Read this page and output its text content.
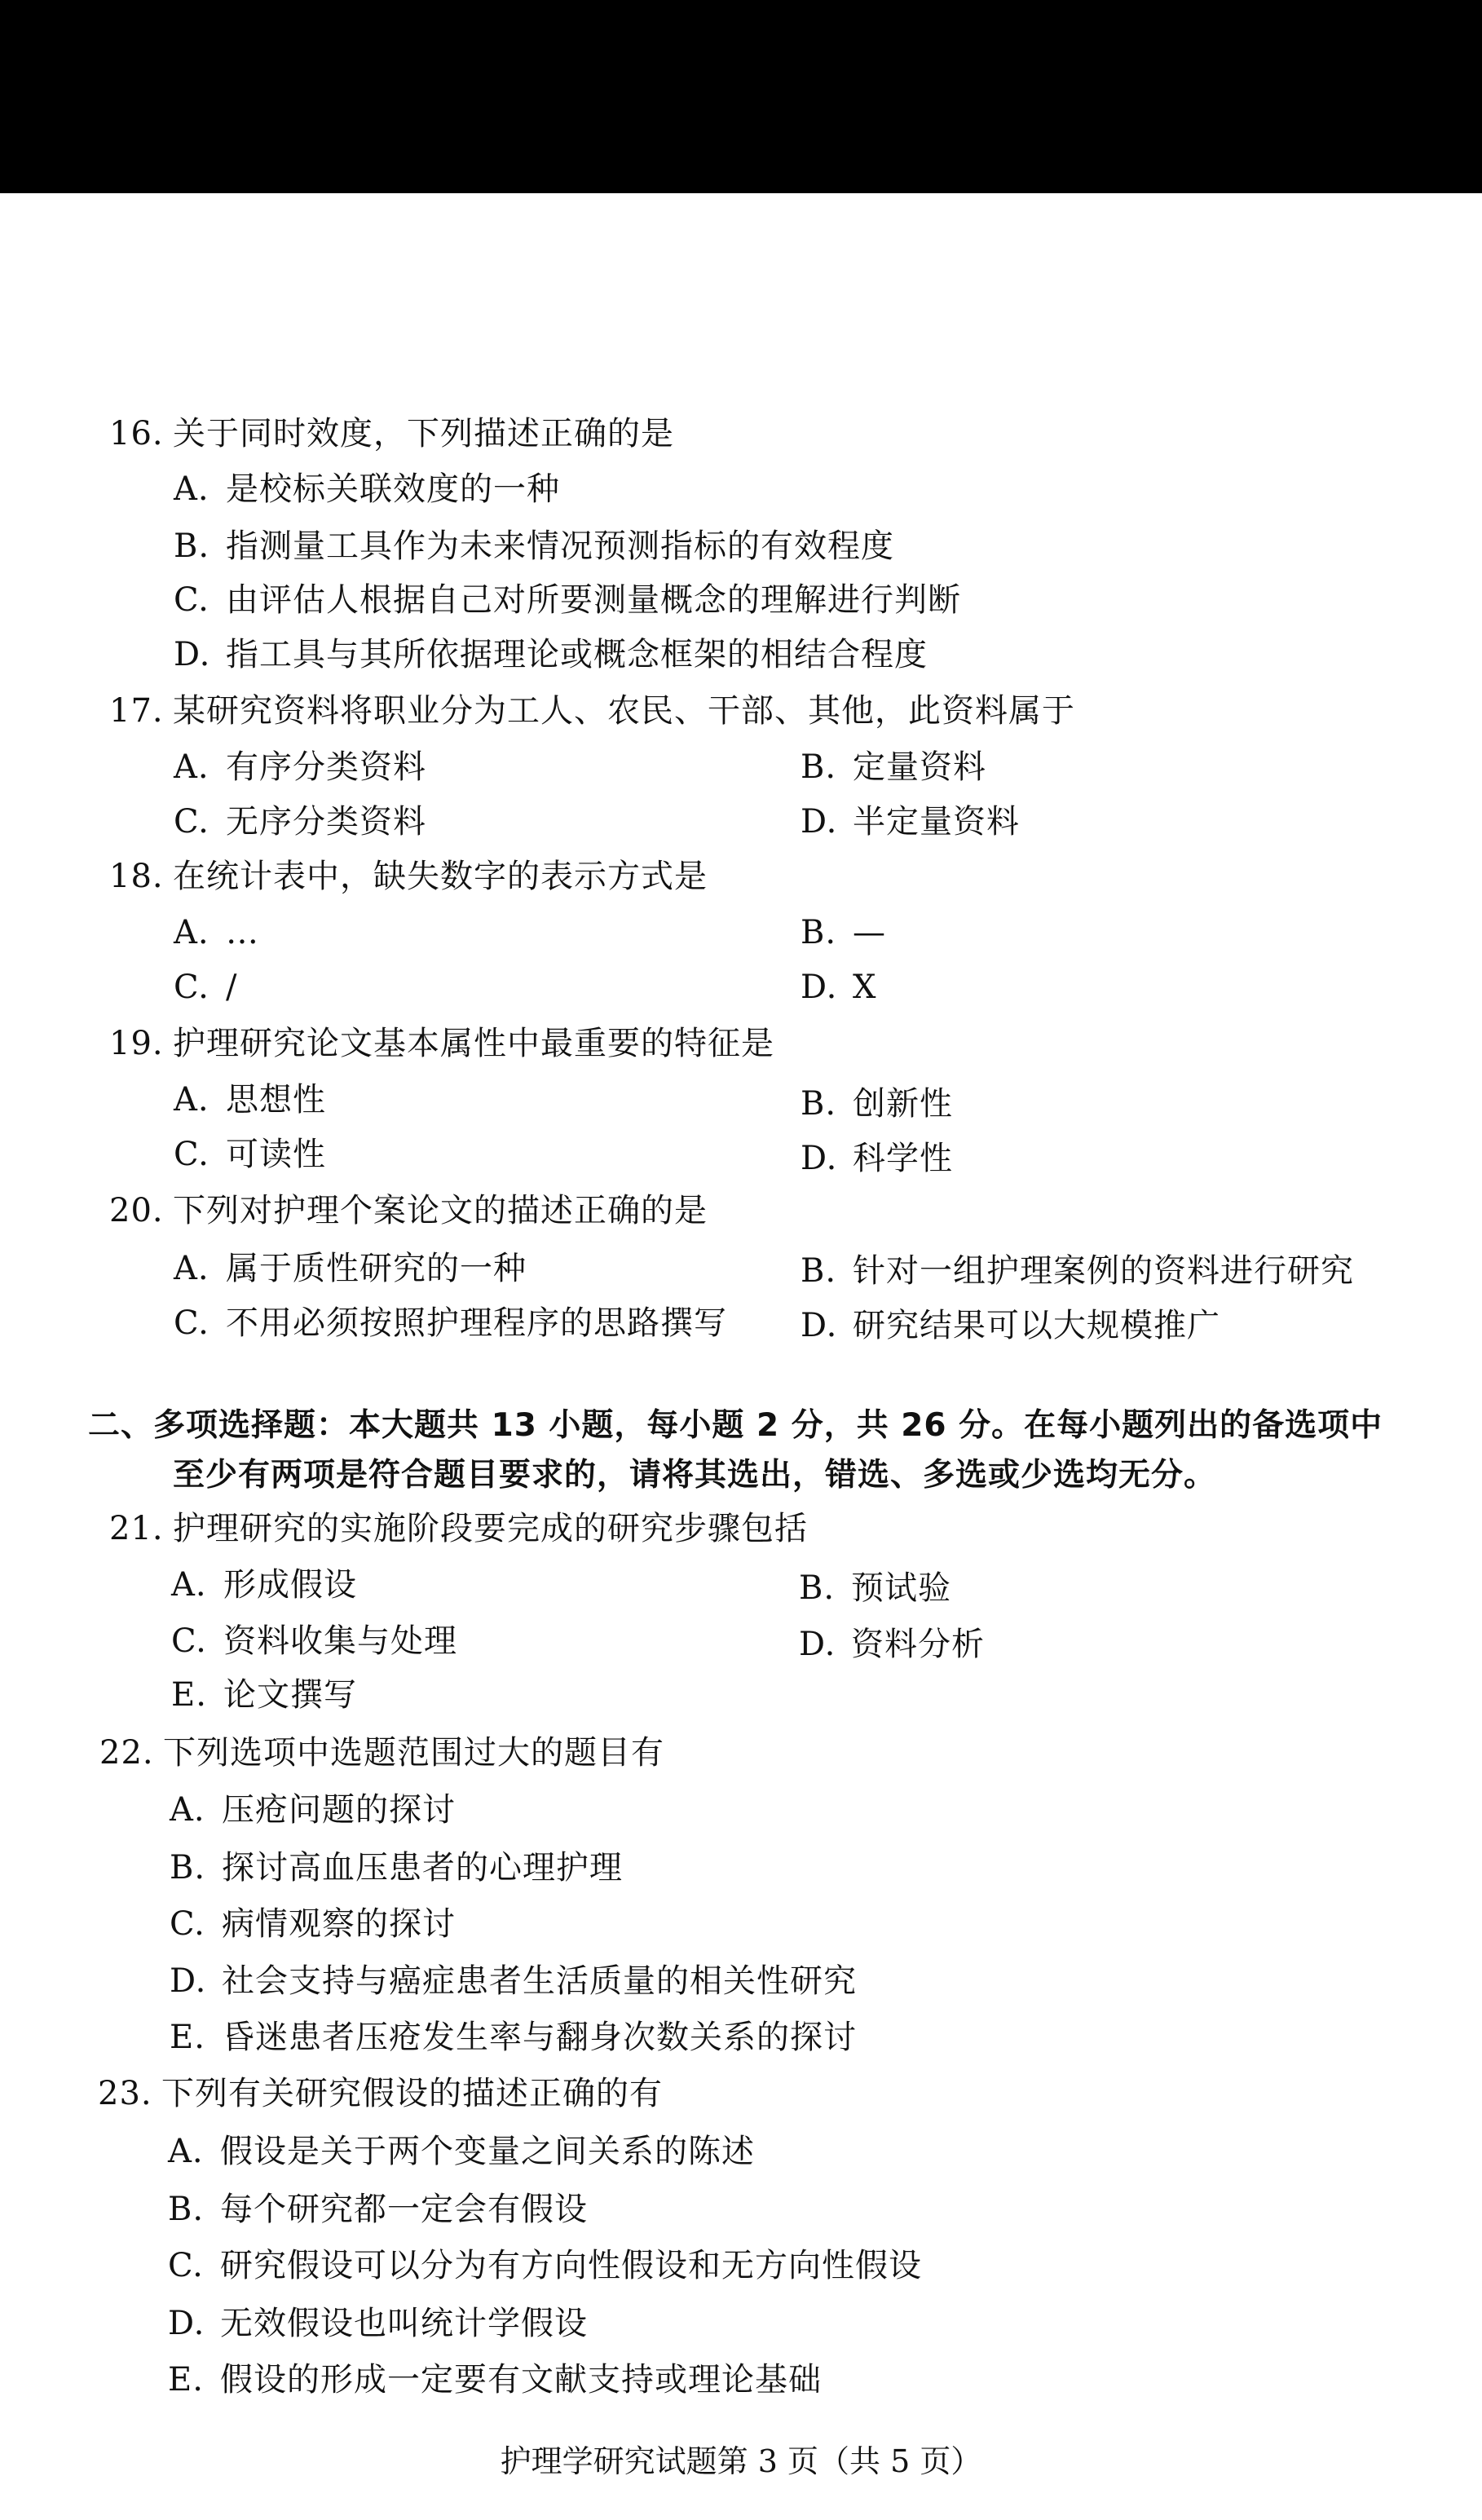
16. 关于同时效度，下列描述正确的是
A. 是校标关联效度的一种
B. 指测量工具作为未来情况预测指标的有效程度
C. 由评估人根据自己对所要测量概念的理解进行判断
D. 指工具与其所依据理论或概念框架的相结合程度
17. 某研究资料将职业分为工人、农民、干部、其他，此资料属于
A. 有序分类资料	B. 定量资料
C. 无序分类资料	D. 半定量资料
18. 在统计表中，缺失数字的表示方式是
A. …	B. —
C. /	D. X
19. 护理研究论文基本属性中最重要的特征是
A. 思想性	B. 创新性
C. 可读性	D. 科学性
20. 下列对护理个案论文的描述正确的是
A. 属于质性研究的一种	B. 针对一组护理案例的资料进行研究
C. 不用必须按照护理程序的思路撰写 D. 研究结果可以大规模推广
二、多项选择题：本大题共 13 小题，每小题 2 分，共 26 分。在每小题列出的备选项中
至少有两项是符合题目要求的，请将其选出，错选、多选或少选均无分。
21. 护理研究的实施阶段要完成的研究步骤包括
A. 形成假设	B. 预试验
C. 资料收集与处理	D. 资料分析
E. 论文撰写
22. 下列选项中选题范围过大的题目有
A. 压疮问题的探讨
B. 探讨高血压患者的心理护理
C. 病情观察的探讨
D. 社会支持与癌症患者生活质量的相关性研究
E. 昏迷患者压疮发生率与翻身次数关系的探讨
23. 下列有关研究假设的描述正确的有
A. 假设是关于两个变量之间关系的陈述
B. 每个研究都一定会有假设
C. 研究假设可以分为有方向性假设和无方向性假设
D. 无效假设也叫统计学假设
E. 假设的形成一定要有文献支持或理论基础
护理学研究试题第 3 页（共 5 页）
